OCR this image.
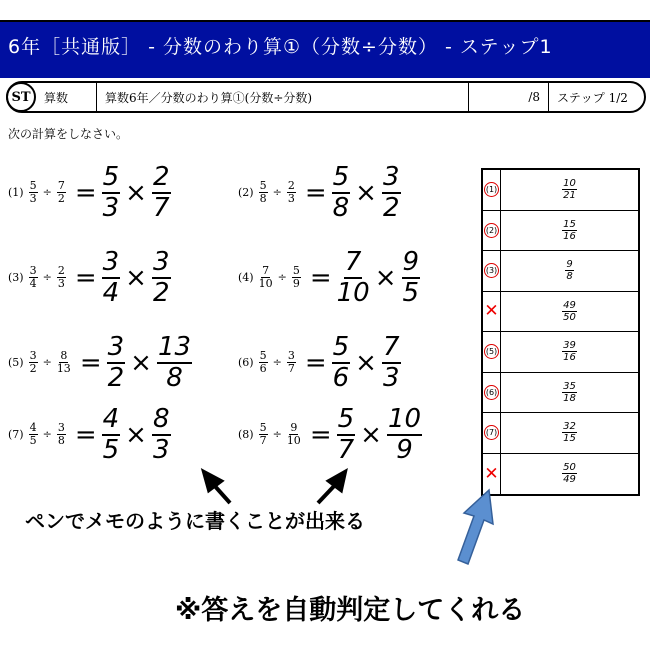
6年［共通版］ - 分数のわり算①（分数÷分数） - ステップ1
ST	算数	算数6年／分数のわり算①(分数÷分数)	/8	ステップ 1/2
次の計算をしなさい。
$(1) \frac{5}{3} \div \frac{7}{2} = \frac{5}{3} \times \frac{2}{7}$	$(2) \frac{5}{8} \div \frac{2}{3} = \frac{5}{8} \times \frac{3}{2}$
$(3) \frac{3}{4} \div \frac{2}{3} = \frac{3}{4} \times \frac{3}{2}$	$(4) \frac{7}{10} \div \frac{5}{9} = \frac{7}{10} \times \frac{9}{5}$
$(5) \frac{3}{2} \div \frac{8}{13} = \frac{3}{2} \times \frac{13}{8}$	$(6) \frac{5}{6} \div \frac{3}{7} = \frac{5}{6} \times \frac{7}{3}$
$(7) \frac{4}{5} \div \frac{3}{8} = \frac{4}{5} \times \frac{8}{3}$	$(8) \frac{5}{7} \div \frac{9}{10} = \frac{5}{7} \times \frac{10}{9}$
(1)	$\frac{10}{21}$
(2)	$\frac{15}{16}$
(3)	$\frac{9}{8}$
✕	$\frac{49}{50}$
(5)	$\frac{39}{16}$
(6)	$\frac{35}{18}$
(7)	$\frac{32}{15}$
✕	$\frac{50}{49}$
ペンでメモのように書くことが出来る
※答えを自動判定してくれる
